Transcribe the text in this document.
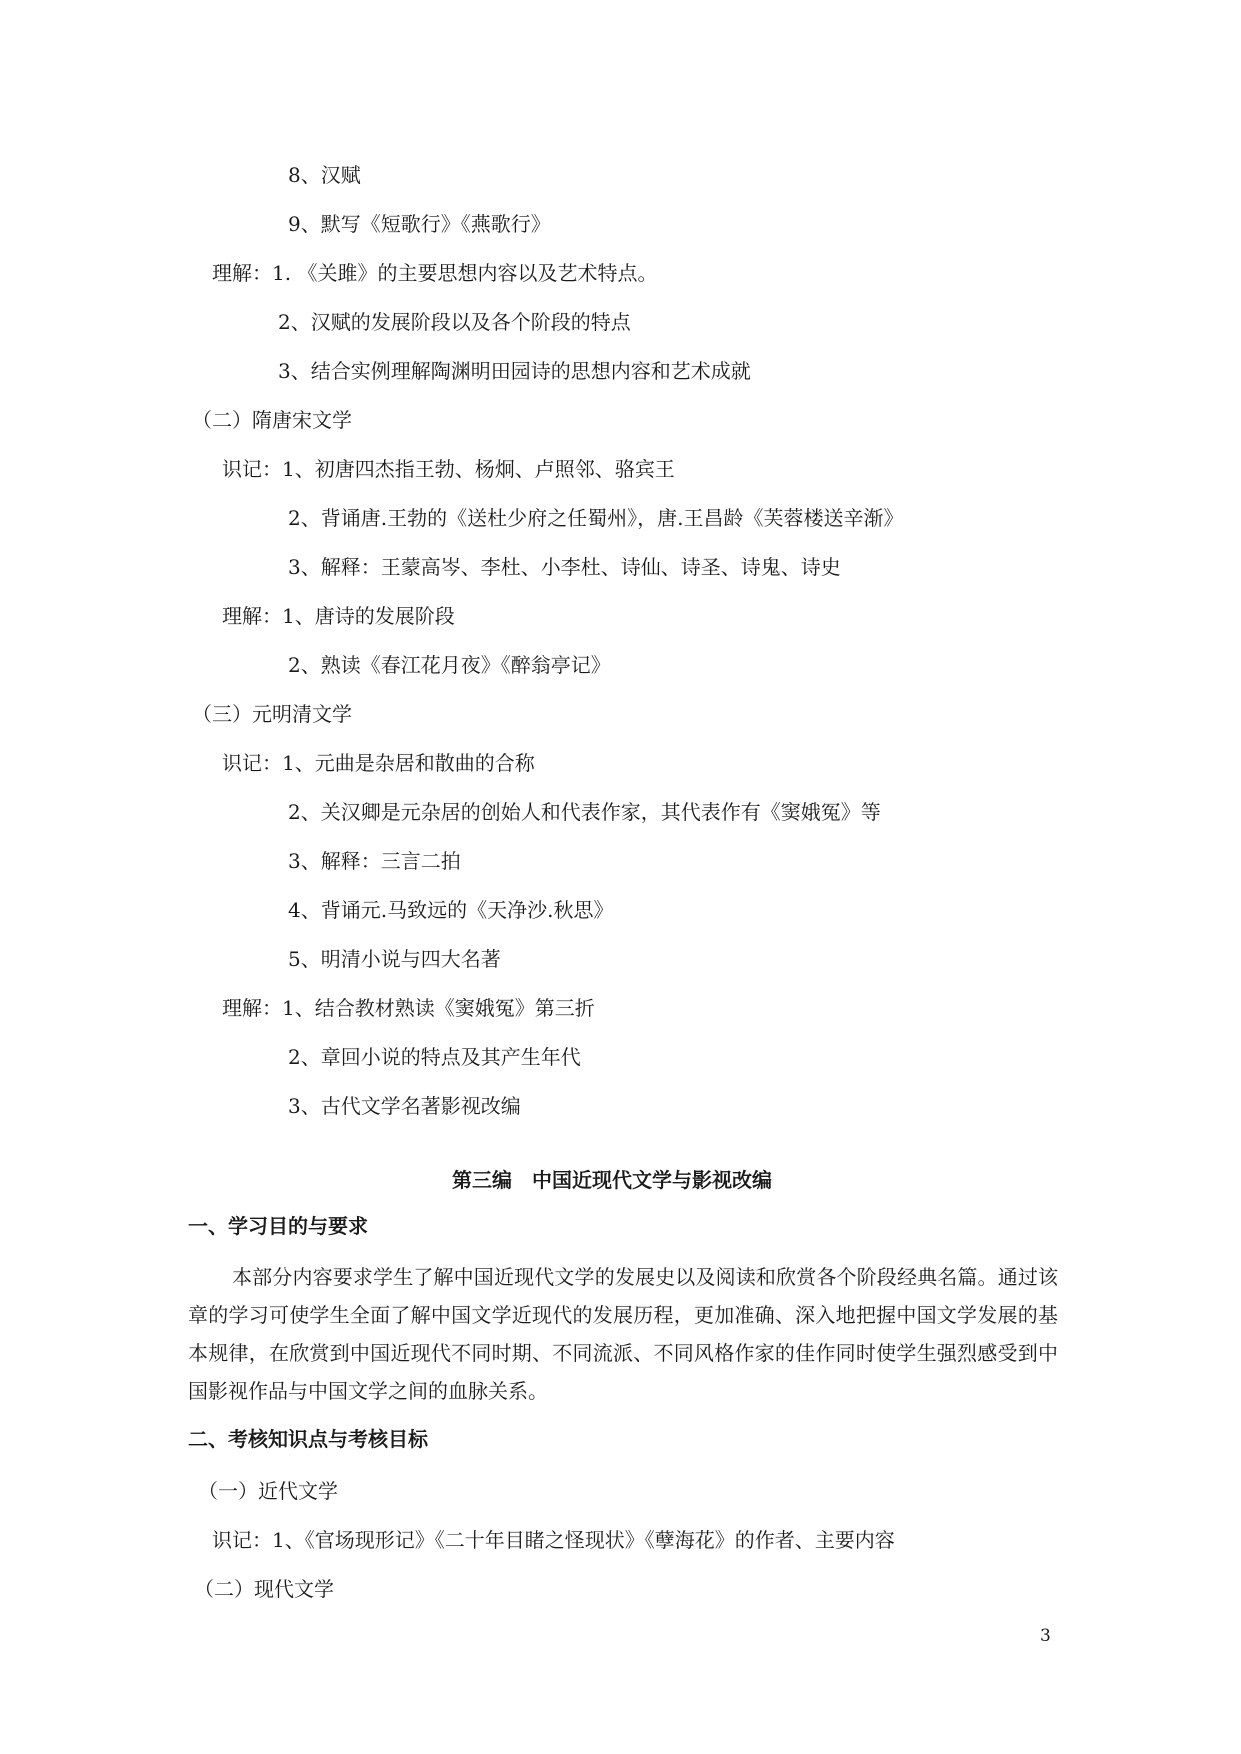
8、汉赋
9、默写《短歌行》《燕歌行》
理解：1. 《关雎》的主要思想内容以及艺术特点。
2、汉赋的发展阶段以及各个阶段的特点
3、结合实例理解陶渊明田园诗的思想内容和艺术成就
（二）隋唐宋文学
识记：1、初唐四杰指王勃、杨炯、卢照邻、骆宾王
2、背诵唐.王勃的《送杜少府之任蜀州》，唐.王昌龄《芙蓉楼送辛渐》
3、解释：王蒙高岑、李杜、小李杜、诗仙、诗圣、诗鬼、诗史
理解：1、唐诗的发展阶段
2、熟读《春江花月夜》《醉翁亭记》
（三）元明清文学
识记：1、元曲是杂居和散曲的合称
2、关汉卿是元杂居的创始人和代表作家，其代表作有《窦娥冤》等
3、解释：三言二拍
4、背诵元.马致远的《天净沙.秋思》
5、明清小说与四大名著
理解：1、结合教材熟读《窦娥冤》第三折
2、章回小说的特点及其产生年代
3、古代文学名著影视改编
第三编　中国近现代文学与影视改编
一、学习目的与要求
本部分内容要求学生了解中国近现代文学的发展史以及阅读和欣赏各个阶段经典名篇。通过该章的学习可使学生全面了解中国文学近现代的发展历程，更加准确、深入地把握中国文学发展的基本规律，在欣赏到中国近现代不同时期、不同流派、不同风格作家的佳作同时使学生强烈感受到中国影视作品与中国文学之间的血脉关系。
二、考核知识点与考核目标
（一）近代文学
识记：1、《官场现形记》《二十年目睹之怪现状》《孽海花》的作者、主要内容
（二）现代文学
3
